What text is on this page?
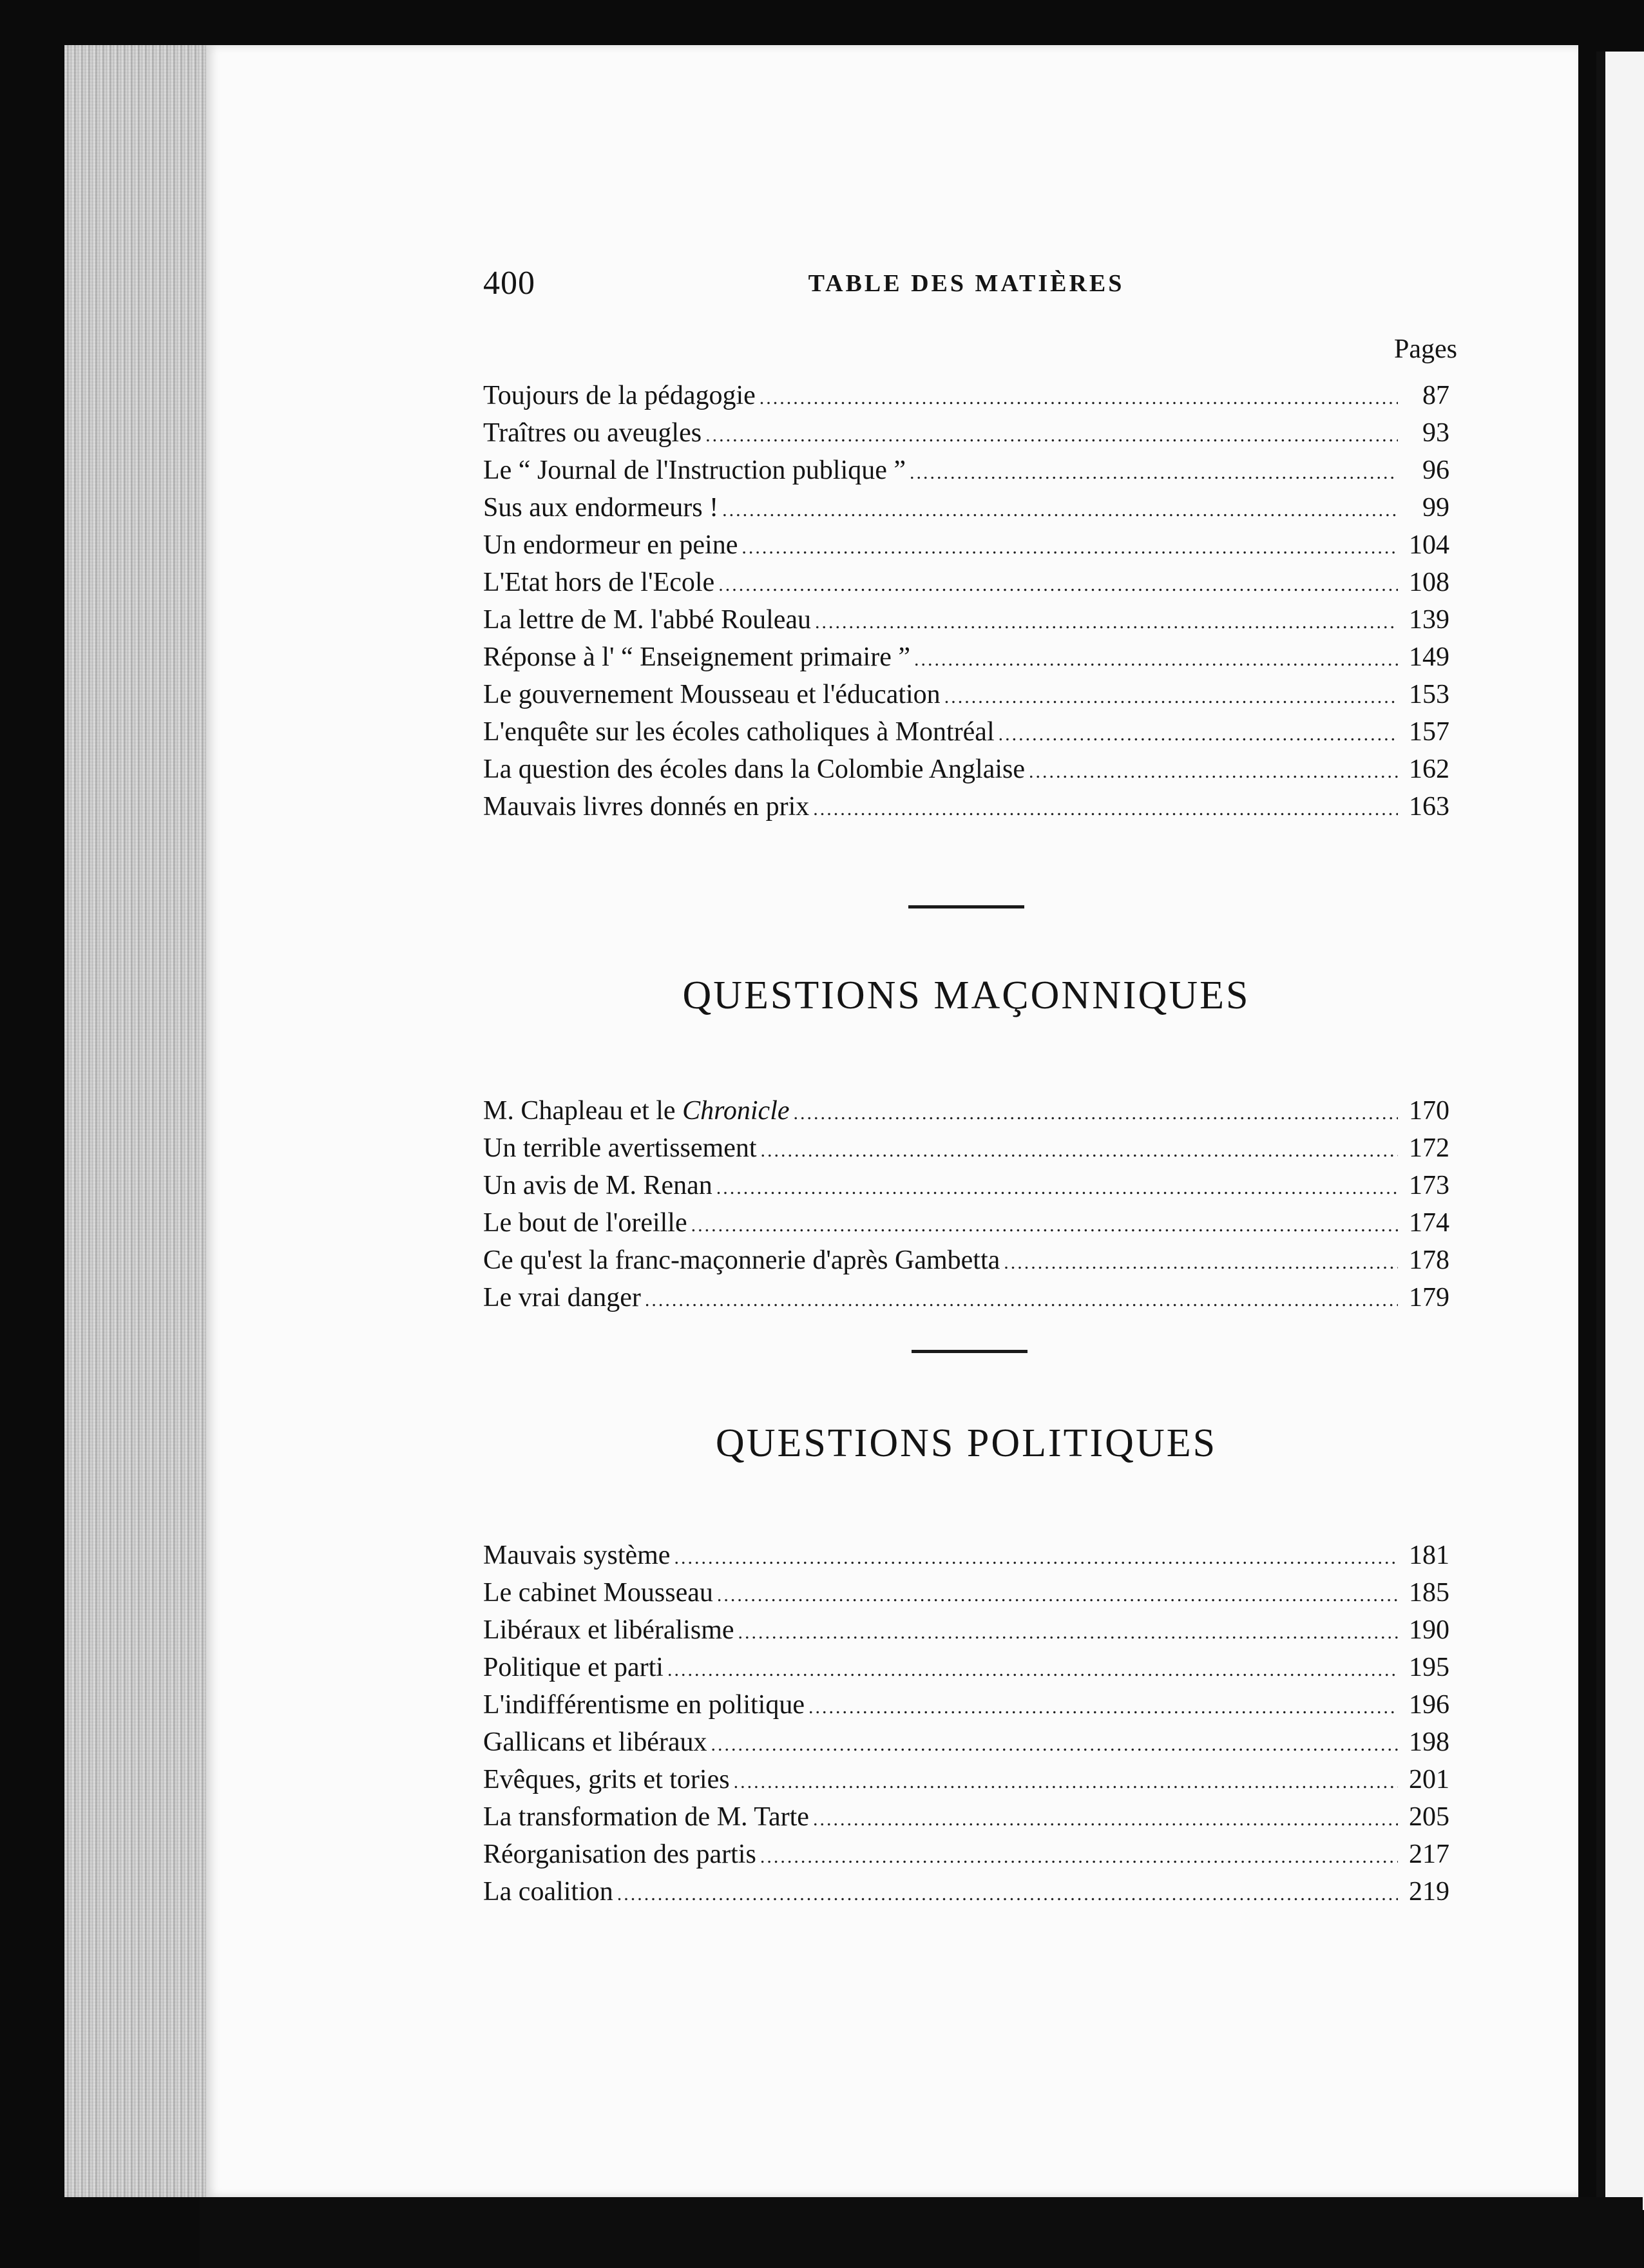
400	TABLE DES MATIÈRES
Pages
Toujours de la pédagogie .....	87
Traîtres ou aveugles .....	93
Le “ Journal de l'Instruction publique ” .....	96
Sus aux endormeurs ! .....	99
Un endormeur en peine .....	104
L'Etat hors de l'Ecole .....	108
La lettre de M. l'abbé Rouleau .....	139
Réponse à l' “ Enseignement primaire ” .....	149
Le gouvernement Mousseau et l'éducation .....	153
L'enquête sur les écoles catholiques à Montréal .....	157
La question des écoles dans la Colombie Anglaise .....	162
Mauvais livres donnés en prix .....	163
QUESTIONS MAÇONNIQUES
M. Chapleau et le Chronicle .....	170
Un terrible avertissement .....	172
Un avis de M. Renan .....	173
Le bout de l'oreille .....	174
Ce qu'est la franc-maçonnerie d'après Gambetta .....	178
Le vrai danger .....	179
QUESTIONS POLITIQUES
Mauvais système .....	181
Le cabinet Mousseau .....	185
Libéraux et libéralisme .....	190
Politique et parti .....	195
L'indifférentisme en politique .....	196
Gallicans et libéraux .....	198
Evêques, grits et tories .....	201
La transformation de M. Tarte .....	205
Réorganisation des partis .....	217
La coalition .....	219
